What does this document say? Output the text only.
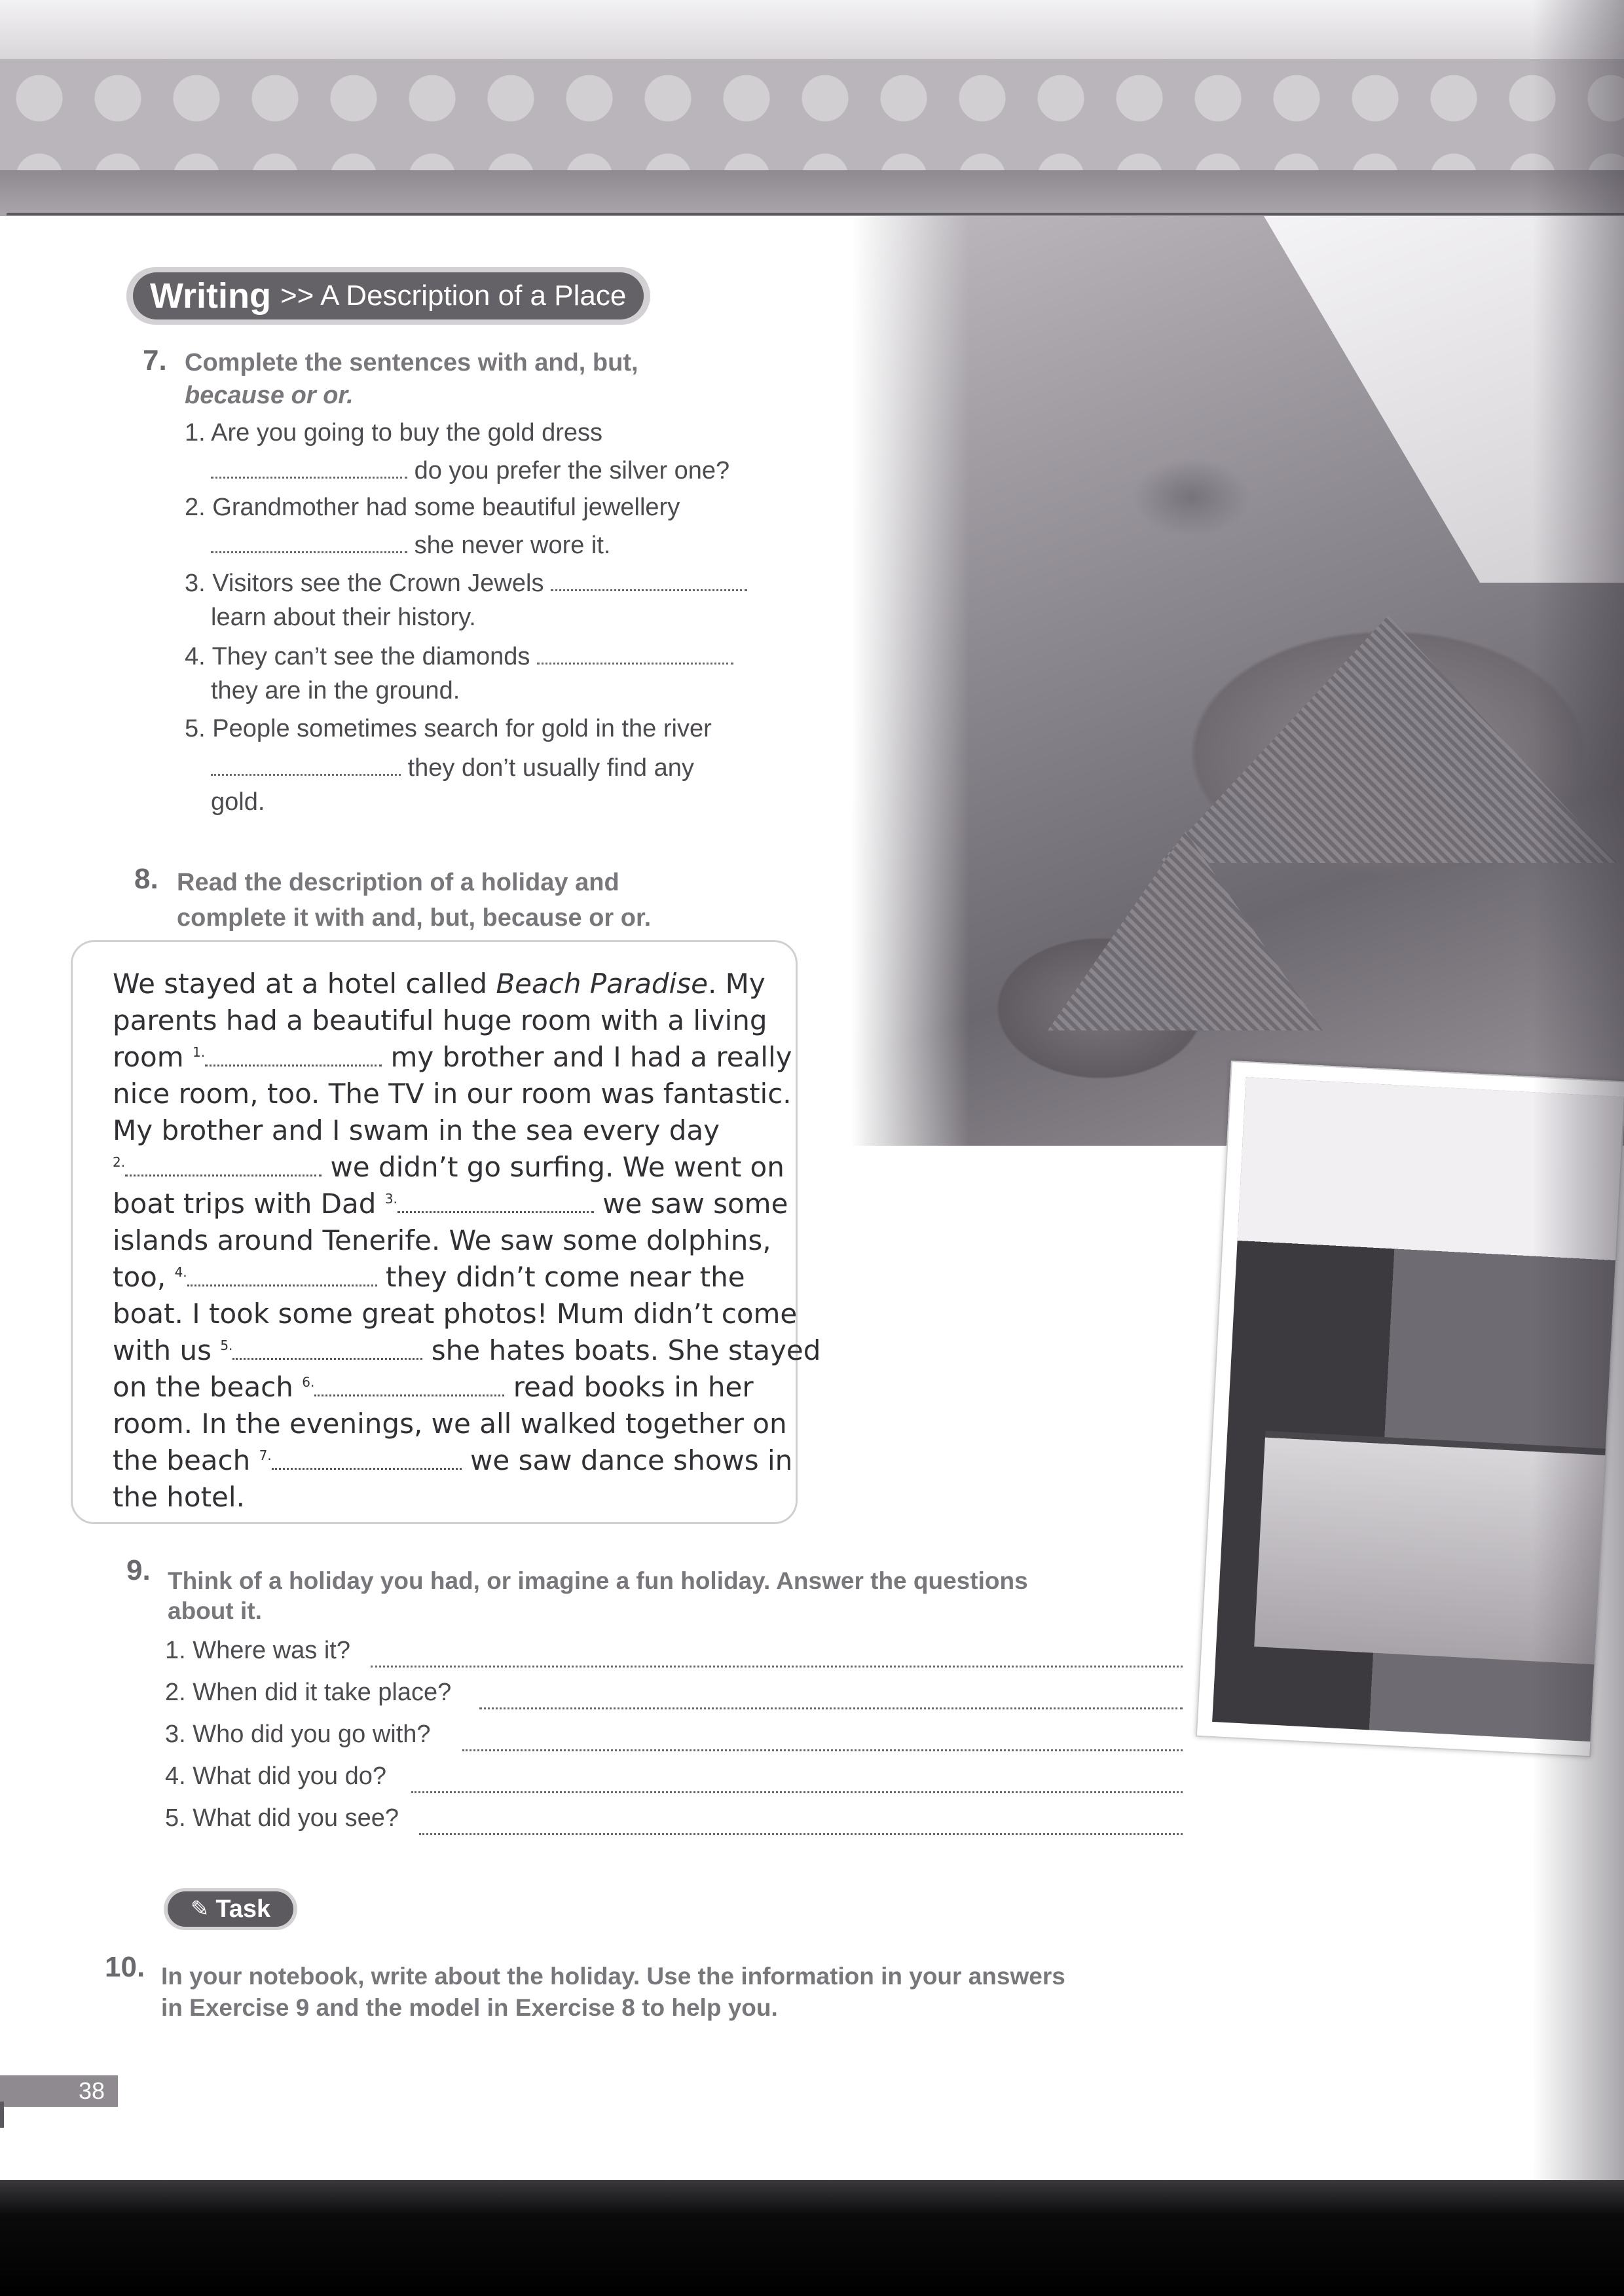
Writing >> A Description of a Place
7. Complete the sentences with and, but,
because or or.
1. Are you going to buy the gold dress
do you prefer the silver one?
2. Grandmother had some beautiful jewellery
she never wore it.
3. Visitors see the Crown Jewels
learn about their history.
4. They can’t see the diamonds
they are in the ground.
5. People sometimes search for gold in the river
they don’t usually find any
gold.
8. Read the description of a holiday and
complete it with and, but, because or or.
We stayed at a hotel called Beach Paradise. My
parents had a beautiful huge room with a living
room $^{1.}$	my brother and I had a really
nice room, too. The TV in our room was fantastic.
My brother and I swam in the sea every day
$^{2.}$	we didn’t go surfing. We went on
boat trips with Dad $^{3.}$	we saw some
islands around Tenerife. We saw some dolphins,
too, $^{4.}$	they didn’t come near the
boat. I took some great photos! Mum didn’t come
with us $^{5.}$	she hates boats. She stayed
on the beach $^{6.}$	read books in her
room. In the evenings, we all walked together on
the beach $^{7.}$	we saw dance shows in
the hotel.
9. Think of a holiday you had, or imagine a fun holiday. Answer the questions
about it.
1. Where was it?
2. When did it take place?
3. Who did you go with?
4. What did you do?
5. What did you see?
✎ Task
10. In your notebook, write about the holiday. Use the information in your answers
in Exercise 9 and the model in Exercise 8 to help you.
38
